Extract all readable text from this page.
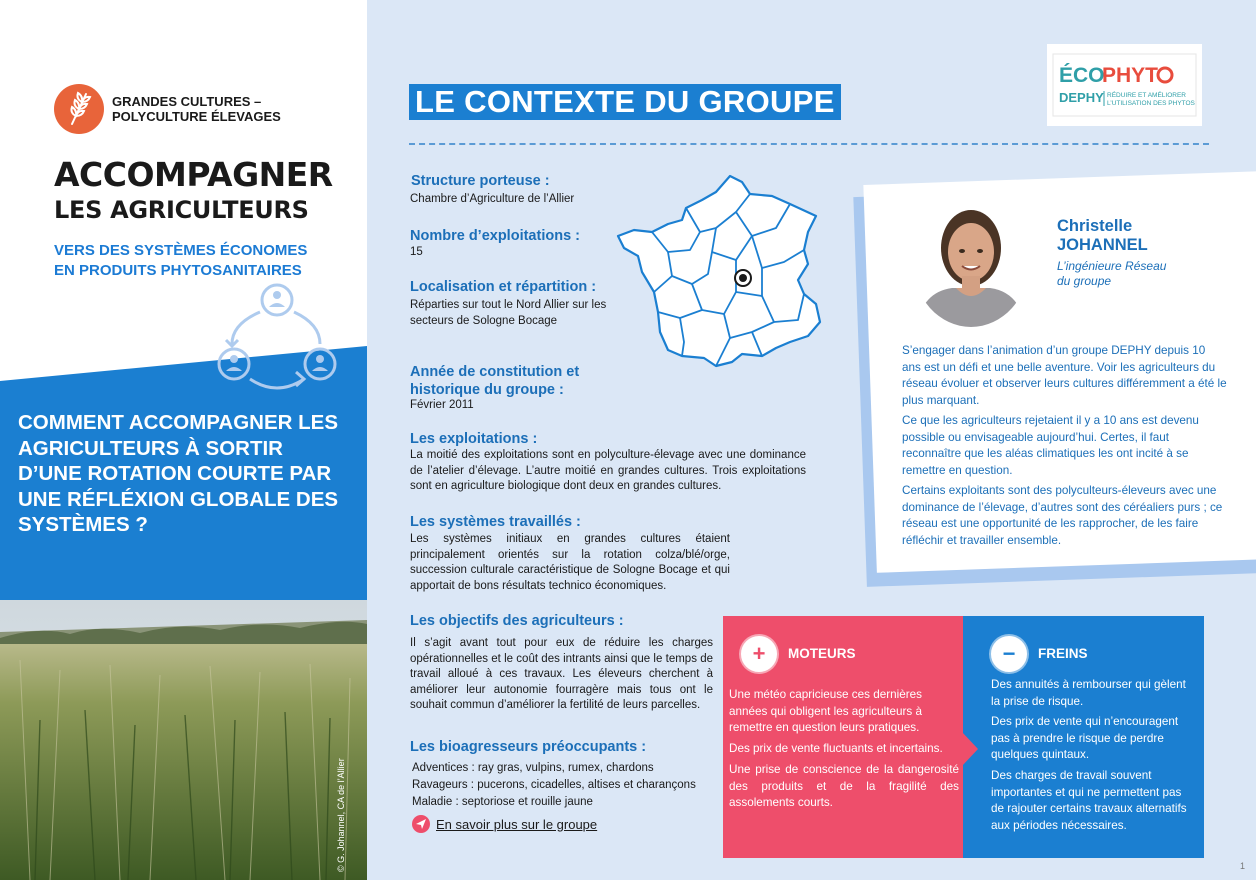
GRANDES CULTURES – POLYCULTURE ÉLEVAGES
ACCOMPAGNER
LES AGRICULTEURS
VERS DES SYSTÈMES ÉCONOMES EN PRODUITS PHYTOSANITAIRES
COMMENT ACCOMPAGNER LES AGRICULTEURS À SORTIR D’UNE ROTATION COURTE PAR UNE RÉFLÉXION GLOBALE DES SYSTÈMES ?
© G. Johannel, CA de l’Allier
ÉCO
PHYT
DEPHY RÉDUIRE ET AMÉLIORER
L’UTILISATION DES PHYTOS
LE CONTEXTE DU GROUPE
Structure porteuse :
Chambre d’Agriculture de l’Allier
Nombre d’exploitations :
15
Localisation et répartition :
Réparties sur tout le Nord Allier sur les secteurs de Sologne Bocage
Année de constitution et historique du groupe :
Février 2011
Les exploitations :
La moitié des exploitations sont en polyculture-élevage avec une dominance de l’atelier d’élevage. L’autre moitié en grandes cultures. Trois exploitations sont en agriculture biologique dont deux en grandes cultures.
Les systèmes travaillés :
Les systèmes initiaux en grandes cultures étaient principalement orientés sur la rotation colza/blé/orge, succession culturale caractéristique de Sologne Bocage et qui apportait de bons résultats technico économiques.
Les objectifs des agriculteurs :
Il s’agit avant tout pour eux de réduire les charges opérationnelles et le coût des intrants ainsi que le temps de travail alloué à ces travaux. Les éleveurs cherchent à améliorer leur autonomie fourragère mais tous ont le souhait commun d’améliorer la fertilité de leurs parcelles.
Les bioagresseurs préoccupants :
Adventices : ray gras, vulpins, rumex, chardons
Ravageurs : pucerons, cicadelles, altises et charançons
Maladie : septoriose et rouille jaune
En savoir plus sur le groupe
Christelle
JOHANNEL
L’ingénieure Réseau
du groupe
S’engager dans l’animation d’un groupe DEPHY depuis 10 ans est un défi et une belle aventure. Voir les agriculteurs du réseau évoluer et observer leurs cultures différemment a été le plus marquant.
Ce que les agriculteurs rejetaient il y a 10 ans est devenu possible ou envisageable aujourd’hui. Certes, il faut reconnaître que les aléas climatiques les ont incité à se remettre en question.
Certains exploitants sont des polyculteurs-éleveurs avec une dominance de l’élevage, d’autres sont des céréaliers purs ; ce réseau est une opportunité de les rapprocher, de les faire réfléchir et travailler ensemble.
+	MOTEURS
Une météo capricieuse ces dernières années qui obligent les agriculteurs à remettre en question leurs pratiques.
Des prix de vente fluctuants et incertains.
Une prise de conscience de la dangerosité des produits et de la fragilité des assolements courts.
−	FREINS
Des annuités à rembourser qui gèlent la prise de risque.
Des prix de vente qui n’encouragent pas à prendre le risque de perdre quelques quintaux.
Des charges de travail souvent importantes et qui ne permettent pas de rajouter certains travaux alternatifs aux périodes nécessaires.
1
